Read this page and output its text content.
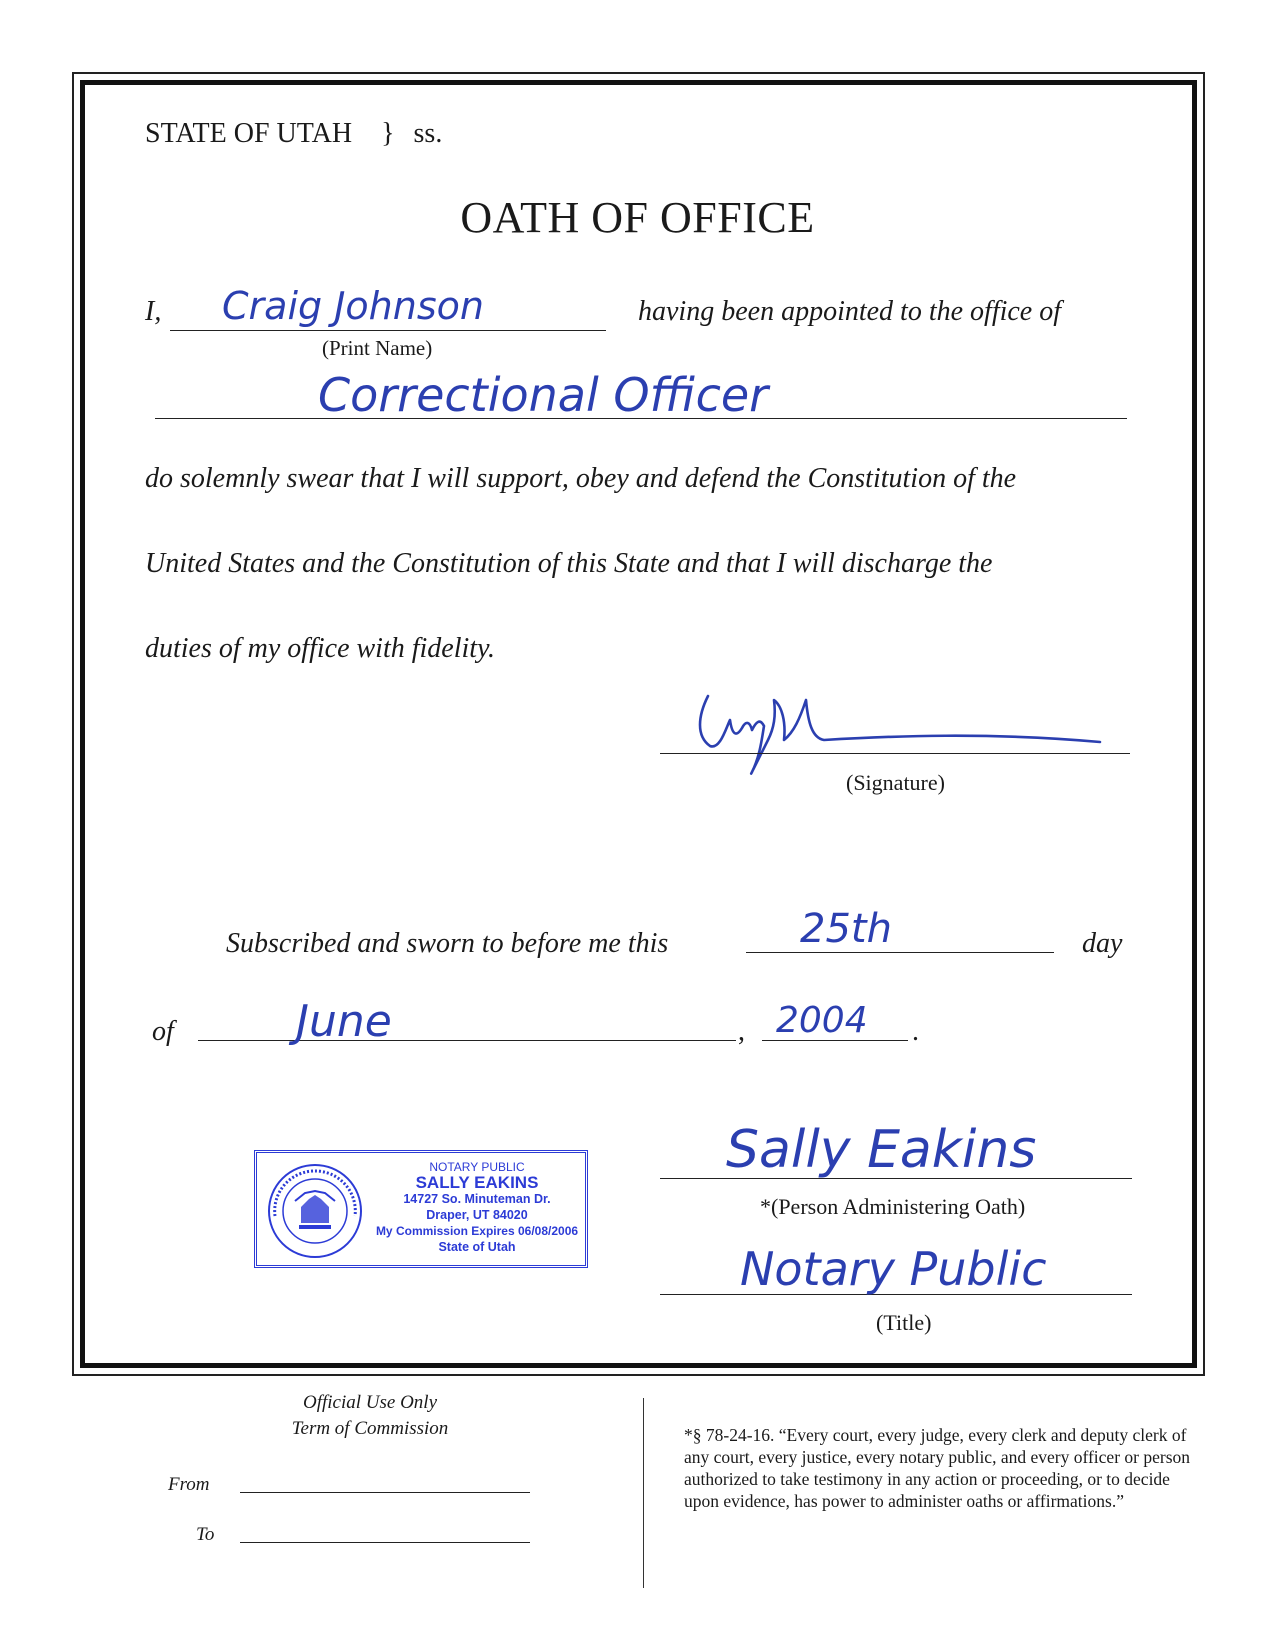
STATE OF UTAH } ss.
OATH OF OFFICE
I, Craig Johnson
(Print Name)
having been appointed to the office of
Correctional Officer
do solemnly swear that I will support, obey and defend the Constitution of the
United States and the Constitution of this State and that I will discharge the
duties of my office with fidelity.
(Signature)
Subscribed and sworn to before me this	25th	day
of	June	, 2004 .
NOTARY PUBLIC
SALLY EAKINS
14727 So. Minuteman Dr.
Draper, UT 84020
My Commission Expires 06/08/2006
State of Utah
Sally Eakins
*(Person Administering Oath)
Notary Public
(Title)
Official Use Only
Term of Commission
From
To
*§ 78-24-16. “Every court, every judge, every clerk and deputy clerk of any court, every justice, every notary public, and every officer or person authorized to take testimony in any action or proceeding, or to decide upon evidence, has power to administer oaths or affirmations.”
